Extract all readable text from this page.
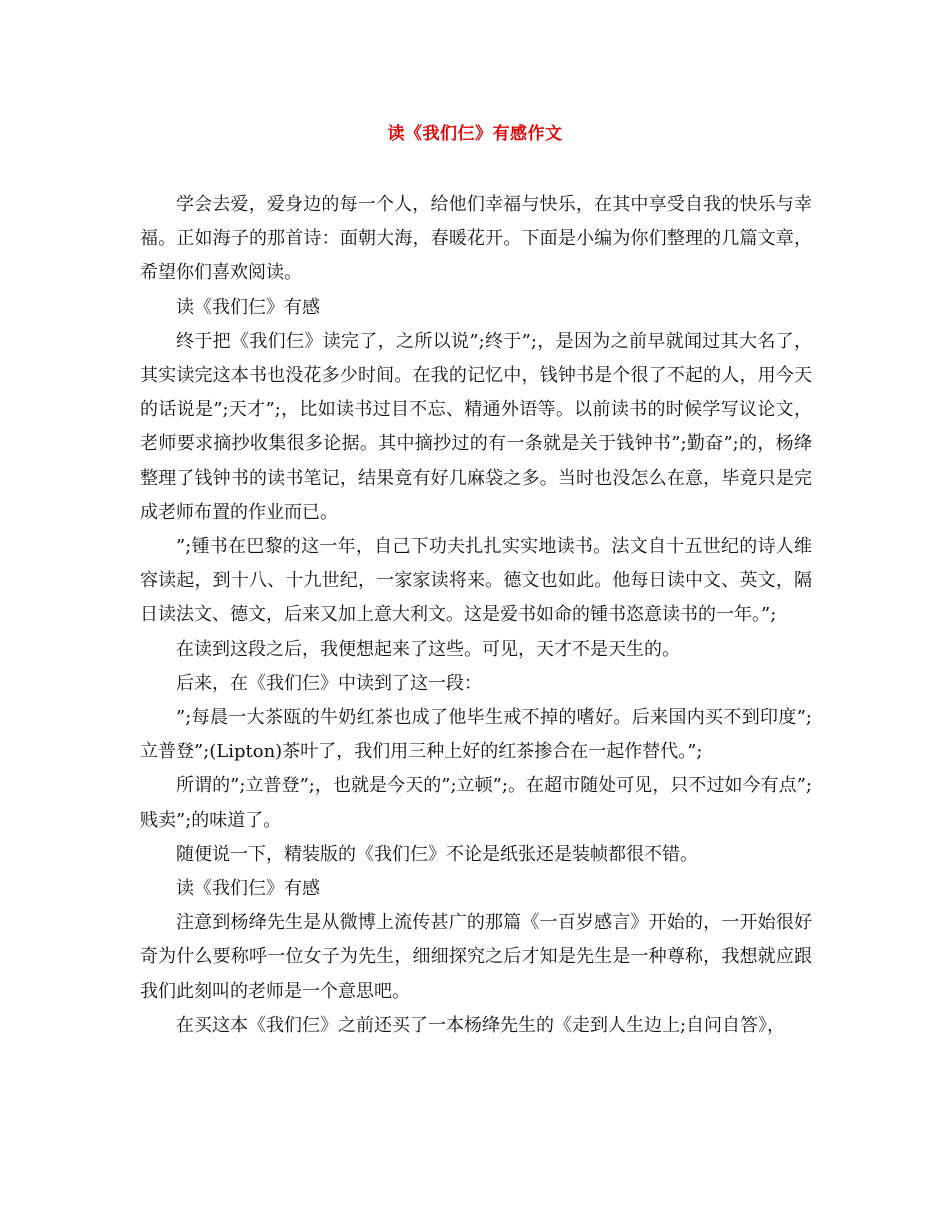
读《我们仨》有感作文

学会去爱，爱身边的每一个人，给他们幸福与快乐，在其中享受自我的快乐与幸福。正如海子的那首诗：面朝大海，春暖花开。下面是小编为你们整理的几篇文章，希望你们喜欢阅读。

读《我们仨》有感

终于把《我们仨》读完了，之所以说”;终于”;，是因为之前早就闻过其大名了，其实读完这本书也没花多少时间。在我的记忆中，钱钟书是个很了不起的人，用今天的话说是”;天才”;，比如读书过目不忘、精通外语等。以前读书的时候学写议论文，老师要求摘抄收集很多论据。其中摘抄过的有一条就是关于钱钟书”;勤奋”;的，杨绛整理了钱钟书的读书笔记，结果竟有好几麻袋之多。当时也没怎么在意，毕竟只是完成老师布置的作业而已。

”;锺书在巴黎的这一年，自己下功夫扎扎实实地读书。法文自十五世纪的诗人维容读起，到十八、十九世纪，一家家读将来。德文也如此。他每日读中文、英文，隔日读法文、德文，后来又加上意大利文。这是爱书如命的锺书恣意读书的一年。”;

在读到这段之后，我便想起来了这些。可见，天才不是天生的。

后来，在《我们仨》中读到了这一段：

”;每晨一大茶瓯的牛奶红茶也成了他毕生戒不掉的嗜好。后来国内买不到印度”;立普登”;(Lipton)茶叶了，我们用三种上好的红茶掺合在一起作替代。”;

所谓的”;立普登”;，也就是今天的”;立顿”;。在超市随处可见，只不过如今有点”;贱卖”;的味道了。

随便说一下，精装版的《我们仨》不论是纸张还是装帧都很不错。

读《我们仨》有感

注意到杨绛先生是从微博上流传甚广的那篇《一百岁感言》开始的，一开始很好奇为什么要称呼一位女子为先生，细细探究之后才知是先生是一种尊称，我想就应跟我们此刻叫的老师是一个意思吧。

在买这本《我们仨》之前还买了一本杨绛先生的《走到人生边上;自问自答》，
